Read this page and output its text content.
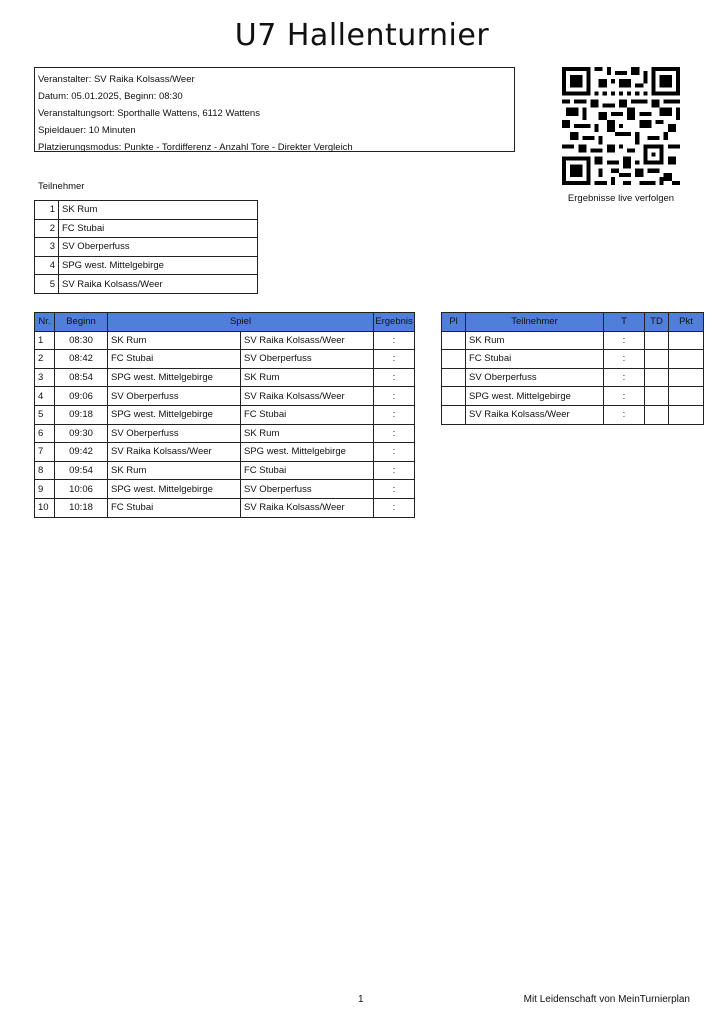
U7 Hallenturnier
Veranstalter: SV Raika Kolsass/Weer
Datum: 05.01.2025, Beginn: 08:30
Veranstaltungsort: Sporthalle Wattens, 6112 Wattens
Spieldauer: 10 Minuten
Platzierungsmodus: Punkte - Tordifferenz - Anzahl Tore - Direkter Vergleich
Ergebnisse live verfolgen
Teilnehmer
1	SK Rum
2	FC Stubai
3	SV Oberperfuss
4	SPG west. Mittelgebirge
5	SV Raika Kolsass/Weer
Nr.	Beginn	Spiel		Ergebnis
1	08:30	SK Rum	SV Raika Kolsass/Weer	:
2	08:42	FC Stubai	SV Oberperfuss	:
3	08:54	SPG west. Mittelgebirge	SK Rum	:
4	09:06	SV Oberperfuss	SV Raika Kolsass/Weer	:
5	09:18	SPG west. Mittelgebirge	FC Stubai	:
6	09:30	SV Oberperfuss	SK Rum	:
7	09:42	SV Raika Kolsass/Weer	SPG west. Mittelgebirge	:
8	09:54	SK Rum	FC Stubai	:
9	10:06	SPG west. Mittelgebirge	SV Oberperfuss	:
10	10:18	FC Stubai	SV Raika Kolsass/Weer	:
Pl	Teilnehmer	T	TD	Pkt
	SK Rum	:		
	FC Stubai	:		
	SV Oberperfuss	:		
	SPG west. Mittelgebirge	:		
	SV Raika Kolsass/Weer	:		
1	Mit Leidenschaft von MeinTurnierplan
